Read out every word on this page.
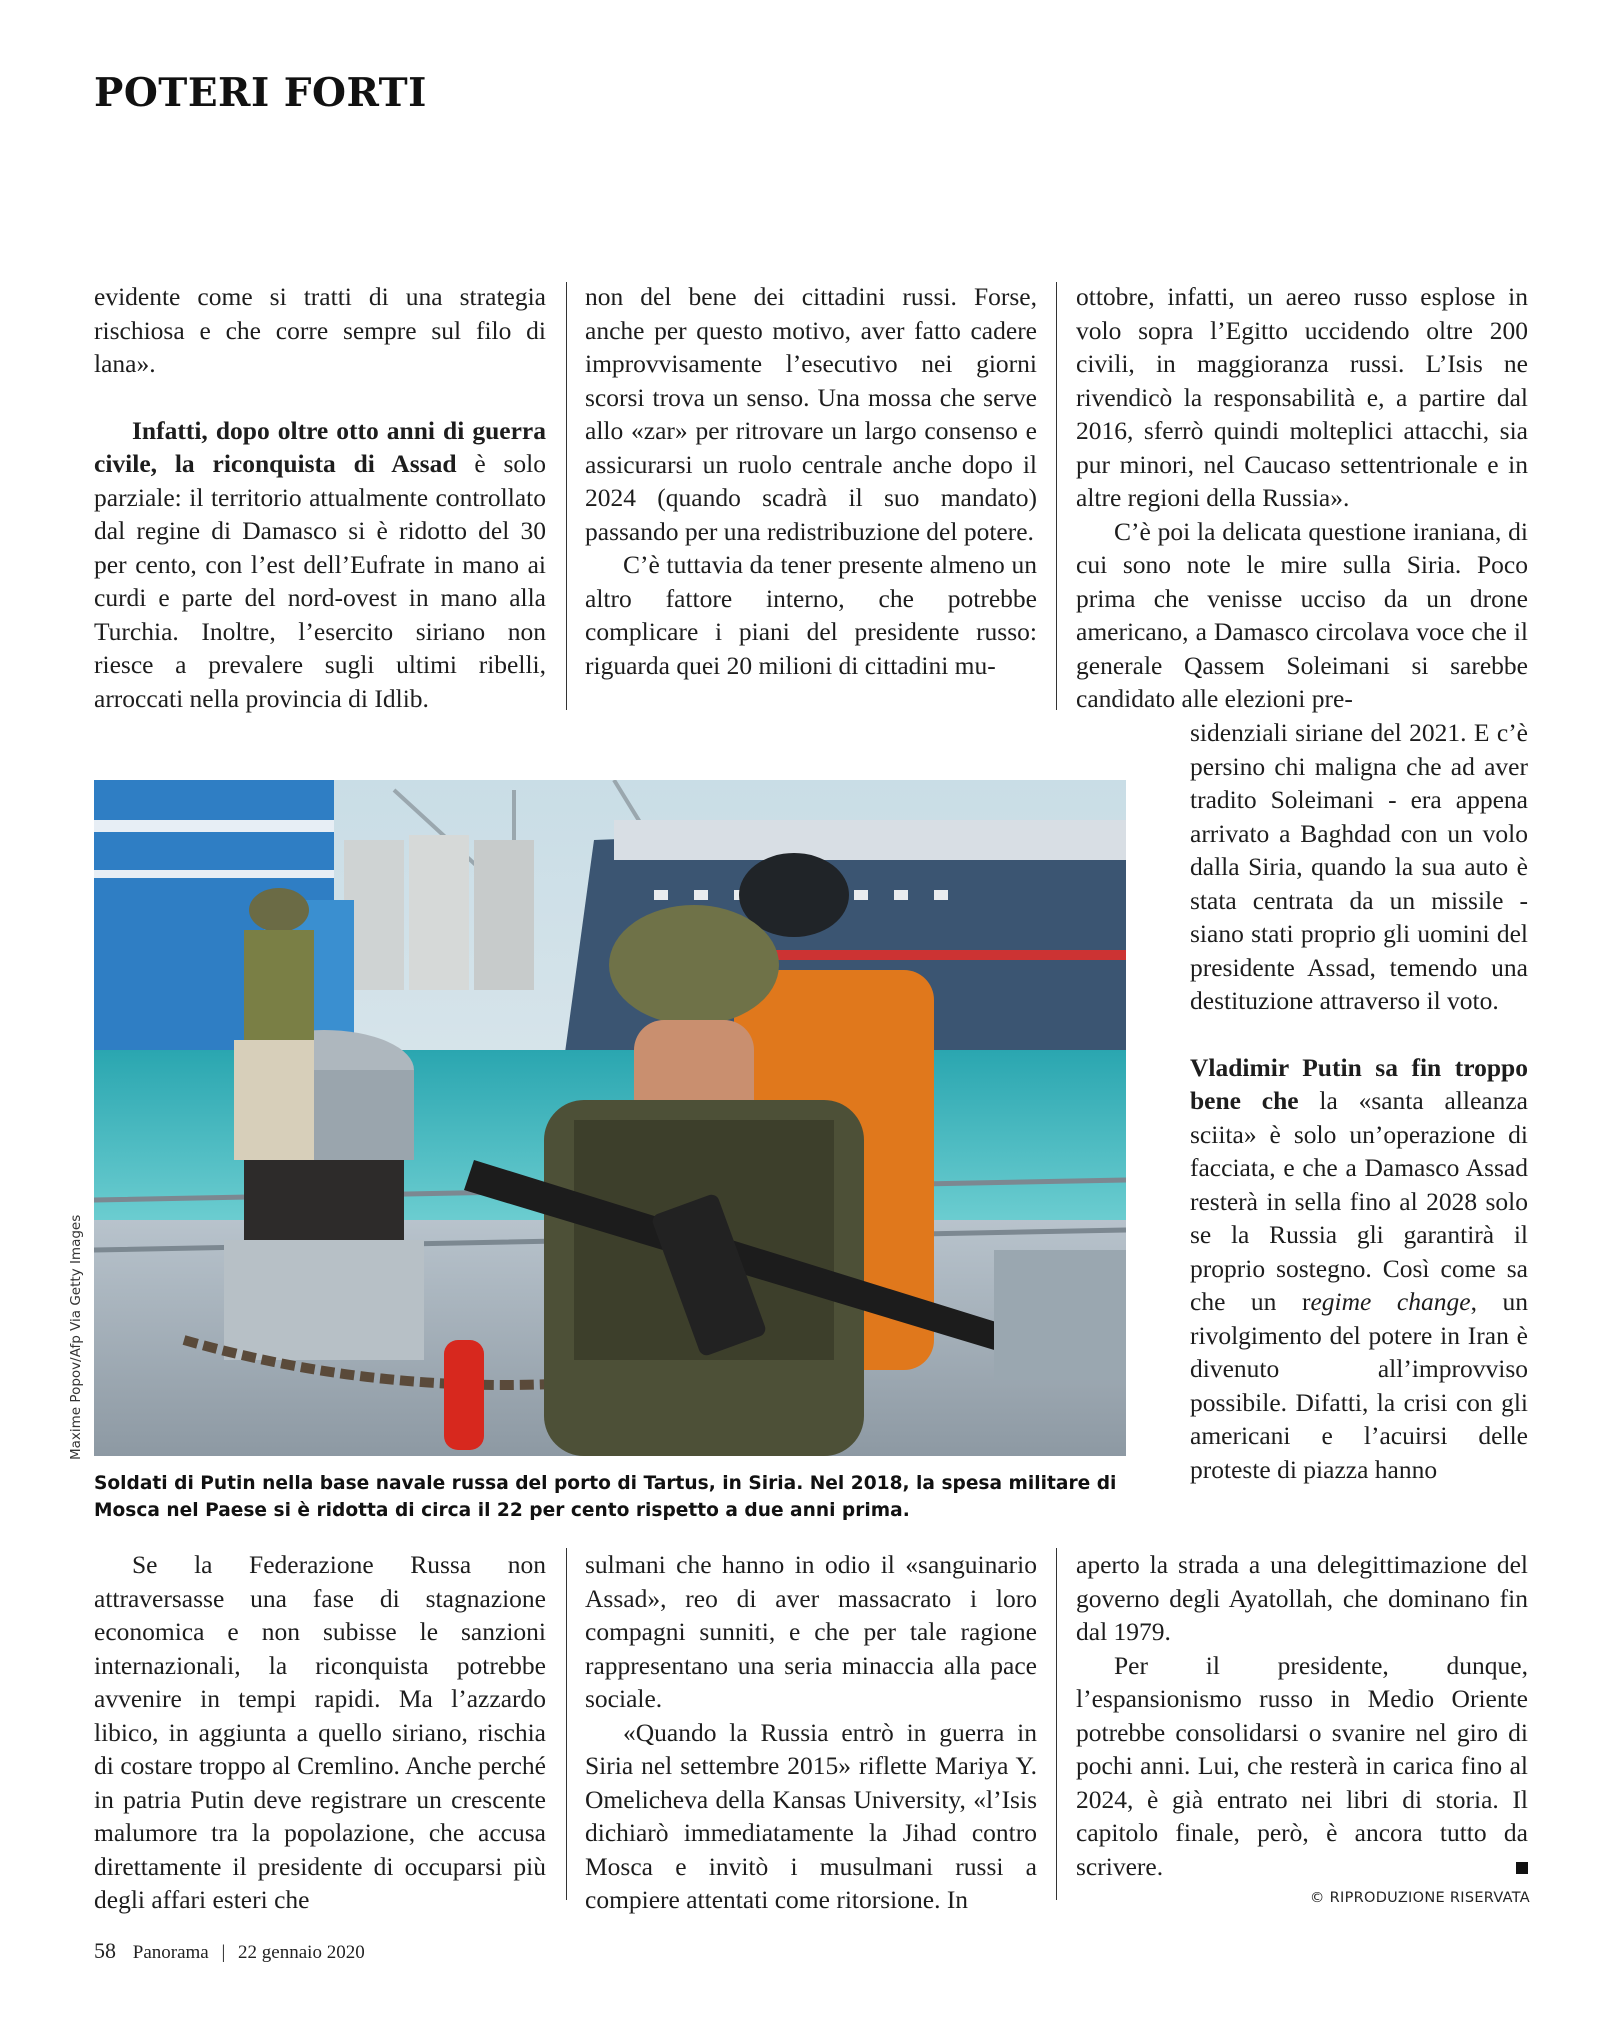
POTERI FORTI

evidente come si tratti di una strategia rischiosa e che corre sempre sul filo di lana».

Infatti, dopo oltre otto anni di guerra civile, la riconquista di Assad è solo parziale: il territorio attualmente controllato dal regine di Damasco si è ridotto del 30 per cento, con l’est dell’Eufrate in mano ai curdi e parte del nord-ovest in mano alla Turchia. Inoltre, l’esercito siriano non riesce a prevalere sugli ultimi ribelli, arroccati nella provincia di Idlib.

non del bene dei cittadini russi. Forse, anche per questo motivo, aver fatto cadere improvvisamente l’esecutivo nei giorni scorsi trova un senso. Una mossa che serve allo «zar» per ritrovare un largo consenso e assicurarsi un ruolo centrale anche dopo il 2024 (quando scadrà il suo mandato) passando per una redistribuzione del potere.

C’è tuttavia da tener presente almeno un altro fattore interno, che potrebbe complicare i piani del presidente russo: riguarda quei 20 milioni di cittadini mu-

ottobre, infatti, un aereo russo esplose in volo sopra l’Egitto uccidendo oltre 200 civili, in maggioranza russi. L’Isis ne rivendicò la responsabilità e, a partire dal 2016, sferrò quindi molteplici attacchi, sia pur minori, nel Caucaso settentrionale e in altre regioni della Russia».

C’è poi la delicata questione iraniana, di cui sono note le mire sulla Siria. Poco prima che venisse ucciso da un drone americano, a Damasco circolava voce che il generale Qassem Soleimani si sarebbe candidato alle elezioni pre-

sidenziali siriane del 2021. E c’è persino chi maligna che ad aver tradito Soleimani - era appena arrivato a Baghdad con un volo dalla Siria, quando la sua auto è stata centrata da un missile - siano stati proprio gli uomini del presidente Assad, temendo una destituzione attraverso il voto.

Vladimir Putin sa fin troppo bene che la «santa alleanza sciita» è solo un’operazione di facciata, e che a Damasco Assad resterà in sella fino al 2028 solo se la Russia gli garantirà il proprio sostegno. Così come sa che un regime change, un rivolgimento del potere in Iran è divenuto all’improvviso possibile. Difatti, la crisi con gli americani e l’acuirsi delle proteste di piazza hanno

aperto la strada a una delegittimazione del governo degli Ayatollah, che dominano fin dal 1979.

Per il presidente, dunque, l’espansionismo russo in Medio Oriente potrebbe consolidarsi o svanire nel giro di pochi anni. Lui, che resterà in carica fino al 2024, è già entrato nei libri di storia. Il capitolo finale, però, è ancora tutto da scrivere.

Se la Federazione Russa non attraversasse una fase di stagnazione economica e non subisse le sanzioni internazionali, la riconquista potrebbe avvenire in tempi rapidi. Ma l’azzardo libico, in aggiunta a quello siriano, rischia di costare troppo al Cremlino. Anche perché in patria Putin deve registrare un crescente malumore tra la popolazione, che accusa direttamente il presidente di occuparsi più degli affari esteri che

sulmani che hanno in odio il «sanguinario Assad», reo di aver massacrato i loro compagni sunniti, e che per tale ragione rappresentano una seria minaccia alla pace sociale.

«Quando la Russia entrò in guerra in Siria nel settembre 2015» riflette Mariya Y. Omelicheva della Kansas University, «l’Isis dichiarò immediatamente la Jihad contro Mosca e invitò i musulmani russi a compiere attentati come ritorsione. In

Maxime Popov/Afp Via Getty Images
Soldati di Putin nella base navale russa del porto di Tartus, in Siria. Nel 2018, la spesa militare di Mosca nel Paese si è ridotta di circa il 22 per cento rispetto a due anni prima.
© RIPRODUZIONE RISERVATA
58 Panorama | 22 gennaio 2020
